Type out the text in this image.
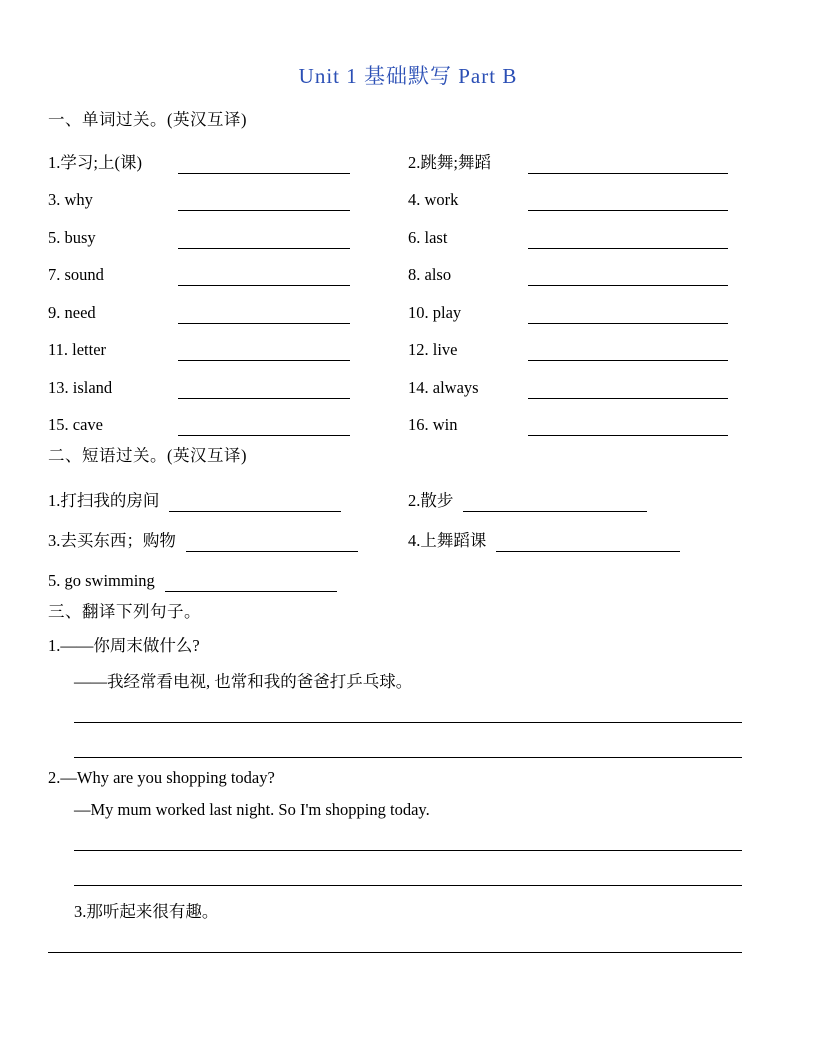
Unit 1 基础默写 Part B
一、单词过关。(英汉互译)
1.学习;上(课)	2.跳舞;舞蹈
3. why	4. work
5. busy	6. last
7. sound	8. also
9. need	10. play
11. letter	12. live
13. island	14. always
15. cave	16. win
二、短语过关。(英汉互译)
1.打扫我的房间	2.散步
3.去买东西；购物	4.上舞蹈课
5. go swimming
三、翻译下列句子。
1.——你周末做什么?
——我经常看电视, 也常和我的爸爸打乒乓球。
2.—Why are you shopping today?
—My mum worked last night. So I'm shopping today.
3.那听起来很有趣。
